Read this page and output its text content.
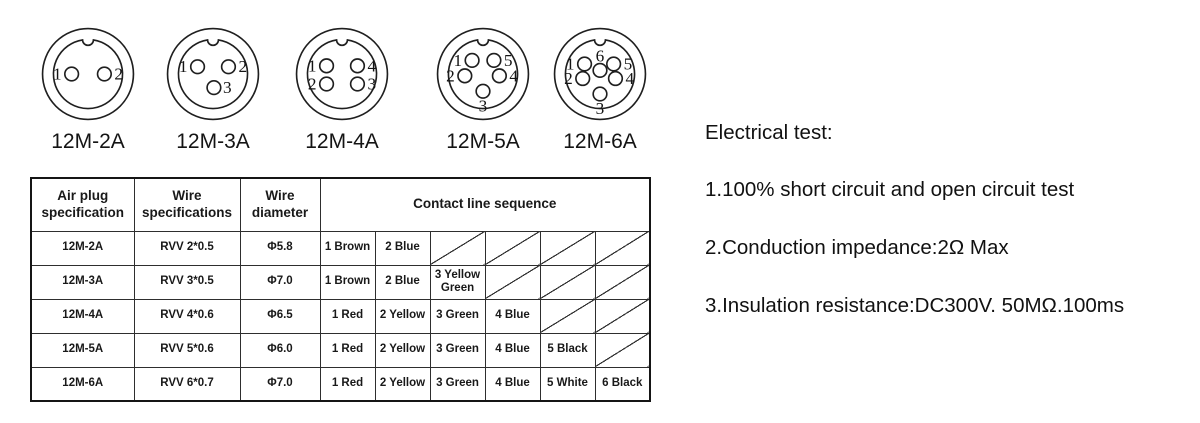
1	2
12M-2A
1	2
3
12M-3A
1	4
2	3
12M-4A
1 5
2	4
3
12M-5A
1 6 5
2	4
3
12M-6A
Air plug specification	Wire specifications	Wire diameter	Contact line sequence					
12M-2A	RVV 2*0.5	Φ5.8	1 Brown	2 Blue				
12M-3A	RVV 3*0.5	Φ7.0	1 Brown	2 Blue	3 Yellow Green			
12M-4A	RVV 4*0.6	Φ6.5	1 Red	2 Yellow	3 Green	4 Blue		
12M-5A	RVV 5*0.6	Φ6.0	1 Red	2 Yellow	3 Green	4 Blue	5 Black	
12M-6A	RVV 6*0.7	Φ7.0	1 Red	2 Yellow	3 Green	4 Blue	5 White	6 Black
Electrical test:
1.100% short circuit and open circuit test
2.Conduction impedance:2Ω Max
3.Insulation resistance:DC300V. 50MΩ.100ms
